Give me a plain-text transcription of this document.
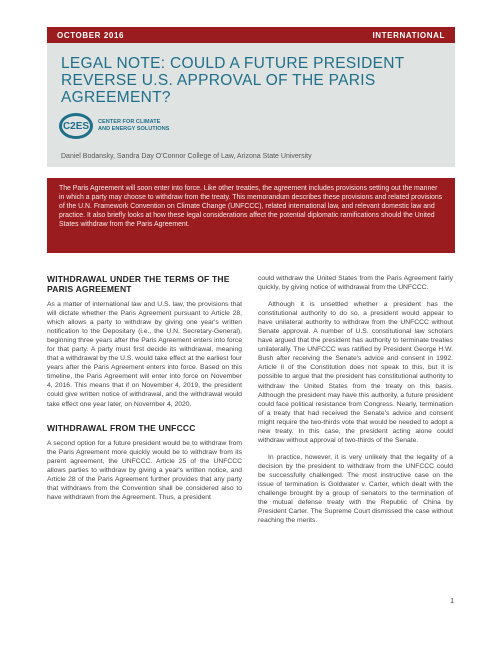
OCTOBER 2016	INTERNATIONAL
LEGAL NOTE: COULD A FUTURE PRESIDENT REVERSE U.S. APPROVAL OF THE PARIS AGREEMENT?
C2ES	CENTER FOR CLIMATE AND ENERGY SOLUTIONS
Daniel Bodansky, Sandra Day O'Connor College of Law, Arizona State University
The Paris Agreement will soon enter into force. Like other treaties, the agreement includes provisions setting out the manner in which a party may choose to withdraw from the treaty. This memorandum describes these provisions and related provisions of the U.N. Framework Convention on Climate Change (UNFCCC), related international law, and relevant domestic law and practice. It also briefly looks at how these legal considerations affect the potential diplomatic ramifications should the United States withdraw from the Paris Agreement.
WITHDRAWAL UNDER THE TERMS OF THE PARIS AGREEMENT

As a matter of international law and U.S. law, the provisions that will dictate whether the Paris Agreement pursuant to Article 28, which allows a party to withdraw by giving one year's written notification to the Depositary (i.e., the U.N. Secretary-General), beginning three years after the Paris Agreement enters into force for that party. A party must first decide its withdrawal, meaning that a withdrawal by the U.S. would take effect at the earliest four years after the Paris Agreement enters into force. Based on this timeline, the Paris Agreement will enter into force on November 4, 2016. This means that if on November 4, 2019, the president could give written notice of withdrawal, and the withdrawal would take effect one year later, on November 4, 2020.

WITHDRAWAL FROM THE UNFCCC

A second option for a future president would be to withdraw from the Paris Agreement more quickly would be to withdraw from its parent agreement, the UNFCCC. Article 25 of the UNFCCC allows parties to withdraw by giving a year's written notice, and Article 28 of the Paris Agreement further provides that any party that withdraws from the Convention shall be considered also to have withdrawn from the Agreement. Thus, a president

could withdraw the United States from the Paris Agreement fairly quickly, by giving notice of withdrawal from the UNFCCC.

Although it is unsettled whether a president has the constitutional authority to do so, a president would appear to have unilateral authority to withdraw from the UNFCCC without Senate approval. A number of U.S. constitutional law scholars have argued that the president has authority to terminate treaties unilaterally. The UNFCCC was ratified by President George H.W. Bush after receiving the Senate's advice and consent in 1992. Article II of the Constitution does not speak to this, but it is possible to argue that the president has constitutional authority to withdraw the United States from the treaty on this basis. Although the president may have this authority, a future president could face political resistance from Congress. Nearly, termination of a treaty that had received the Senate's advice and consent might require the two-thirds vote that would be needed to adopt a new treaty. In this case, the president acting alone could withdraw without approval of two-thirds of the Senate.

In practice, however, it is very unlikely that the legality of a decision by the president to withdraw from the UNFCCC could be successfully challenged. The most instructive case on the issue of termination is Goldwater v. Carter, which dealt with the challenge brought by a group of senators to the termination of the mutual defense treaty with the Republic of China by President Carter. The Supreme Court dismissed the case without reaching the merits.

1
